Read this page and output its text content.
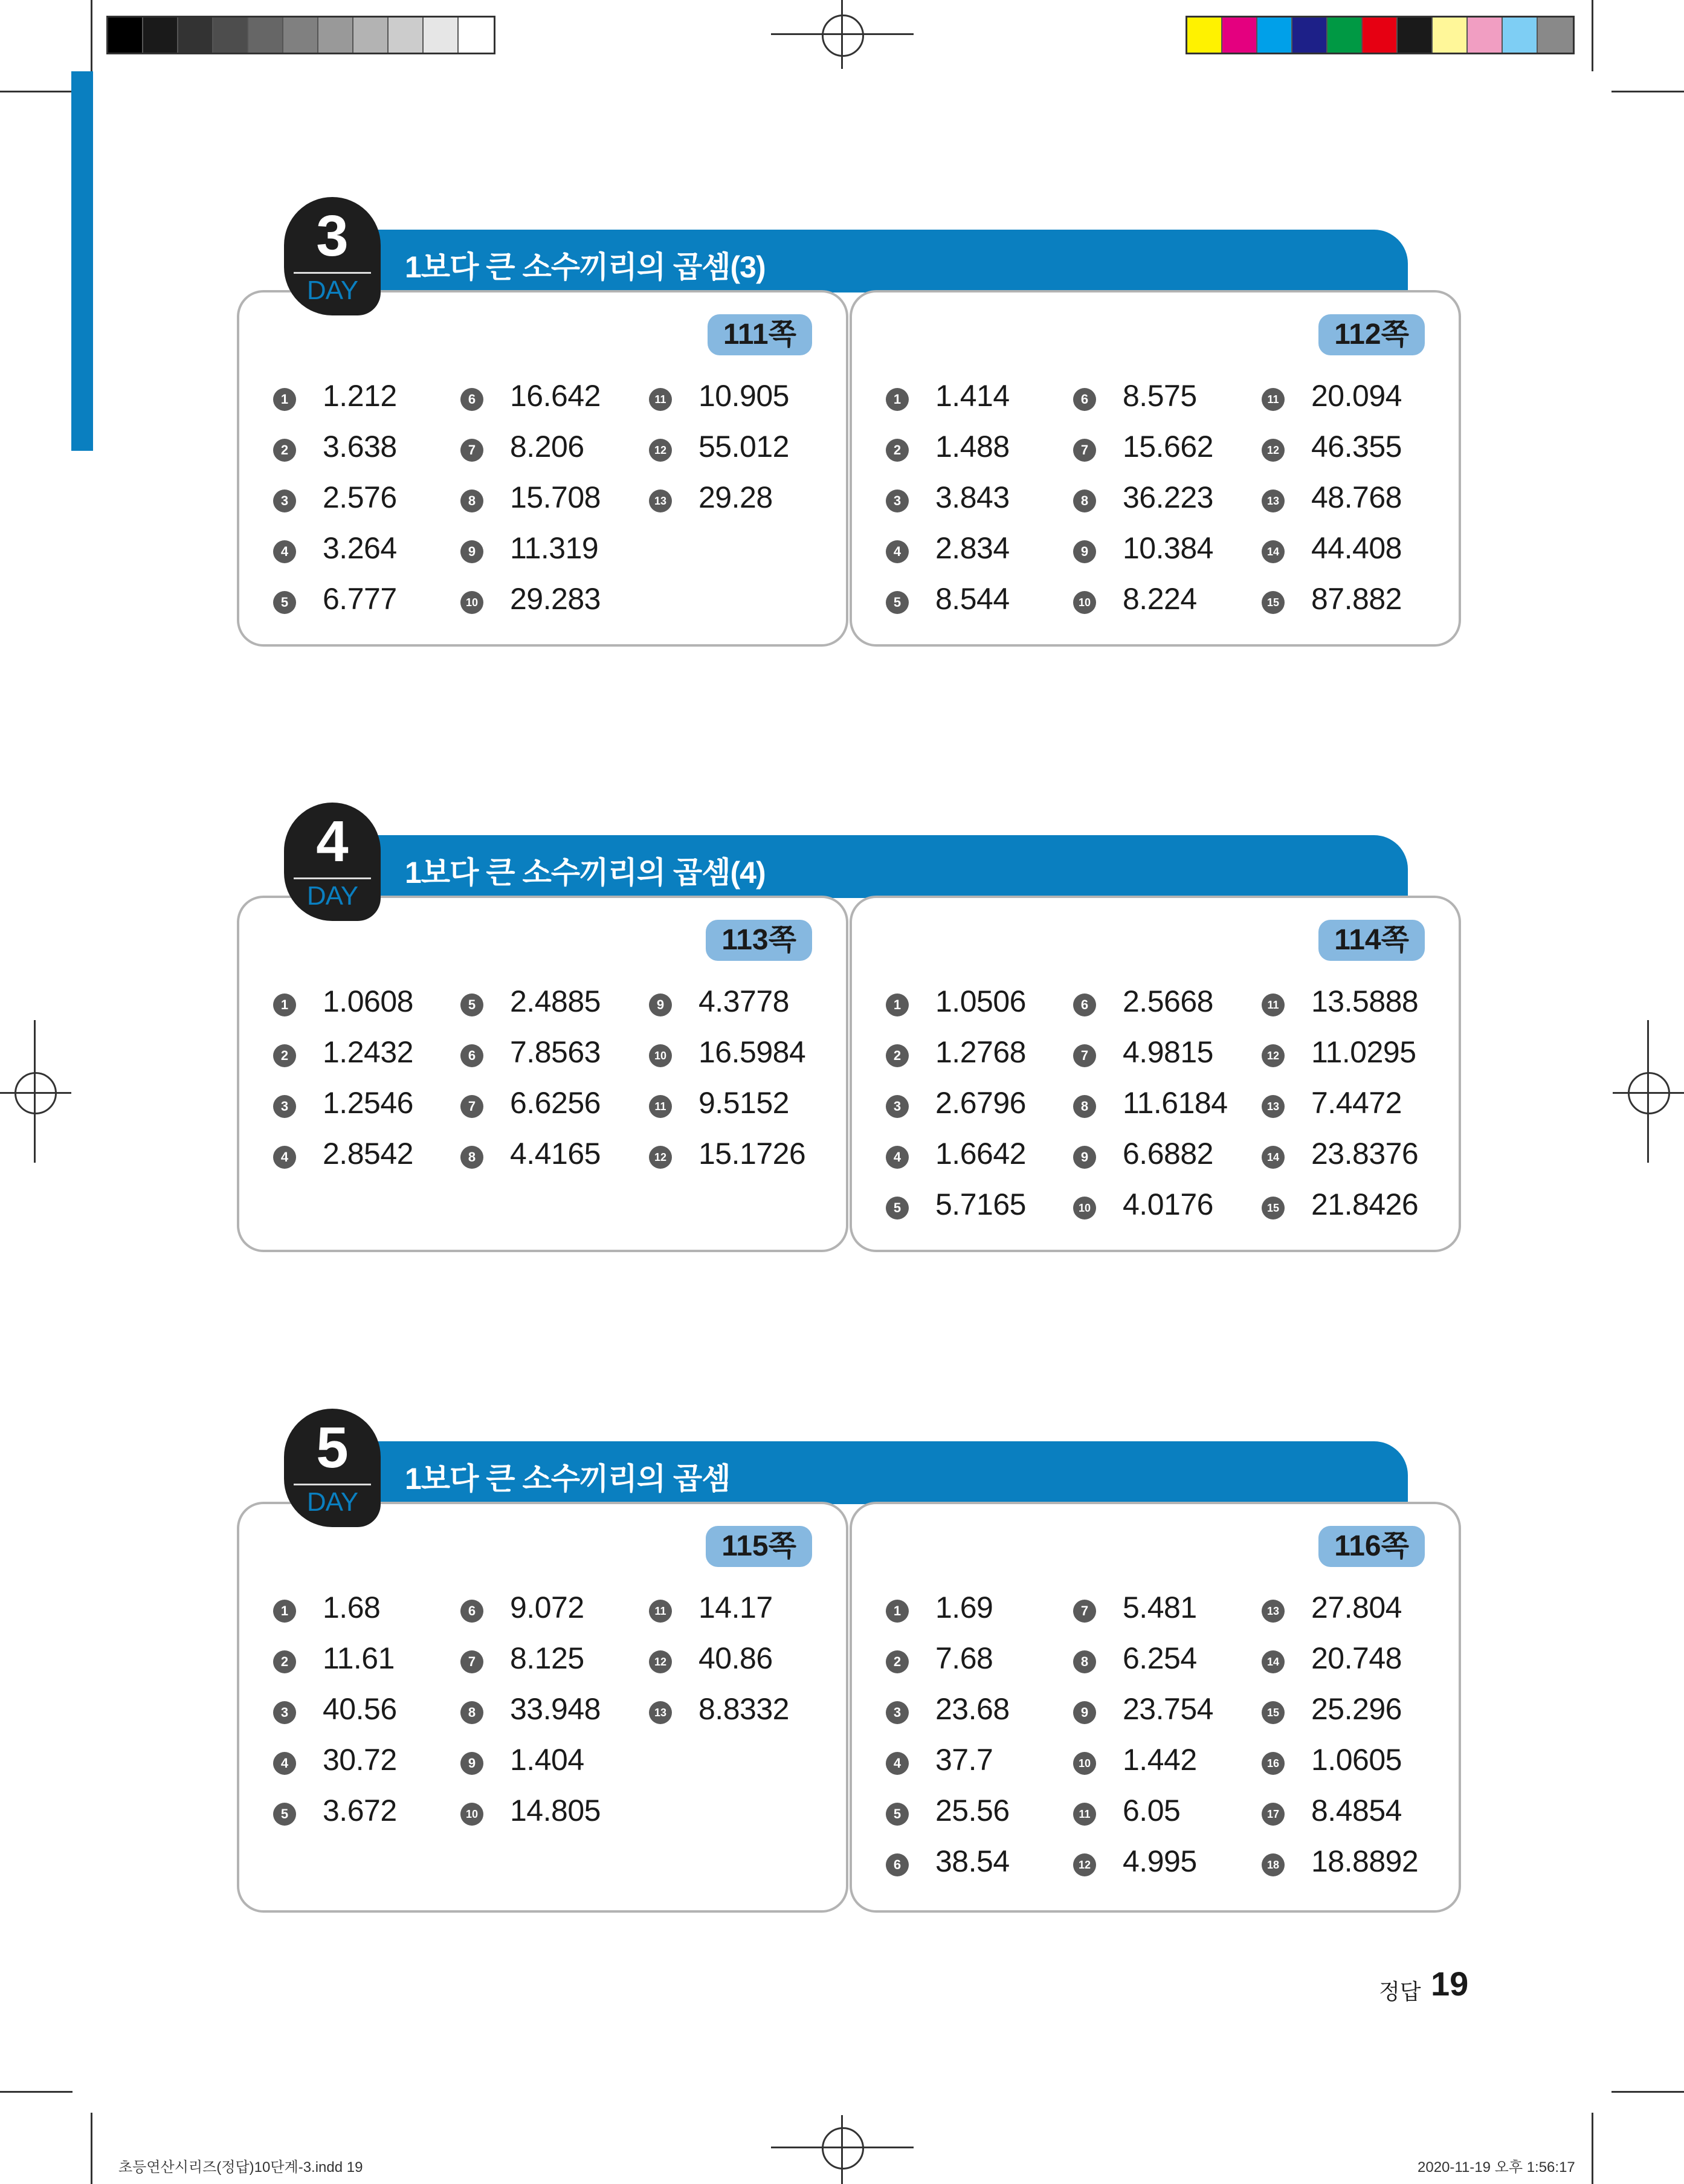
1보다 큰 소수끼리의 곱셈(3)
111쪽
1 1.212
2 3.638
3 2.576
4 3.264
5 6.777
6 16.642
7 8.206
8 15.708
9 11.319
10 29.283
11 10.905
12 55.012
13 29.28
112쪽
1 1.414
2 1.488
3 3.843
4 2.834
5 8.544
6 8.575
7 15.662
8 36.223
9 10.384
10 8.224
11 20.094
12 46.355
13 48.768
14 44.408
15 87.882
3
DAY
1보다 큰 소수끼리의 곱셈(4)
113쪽
1 1.0608
2 1.2432
3 1.2546
4 2.8542
5 2.4885
6 7.8563
7 6.6256
8 4.4165
9 4.3778
10 16.5984
11 9.5152
12 15.1726
114쪽
1 1.0506
2 1.2768
3 2.6796
4 1.6642
5 5.7165
6 2.5668
7 4.9815
8 11.6184
9 6.6882
10 4.0176
11 13.5888
12 11.0295
13 7.4472
14 23.8376
15 21.8426
4
DAY
1보다 큰 소수끼리의 곱셈
115쪽
1 1.68
2 11.61
3 40.56
4 30.72
5 3.672
6 9.072
7 8.125
8 33.948
9 1.404
10 14.805
11 14.17
12 40.86
13 8.8332
116쪽
1 1.69
2 7.68
3 23.68
4 37.7
5 25.56
6 38.54
7 5.481
8 6.254
9 23.754
10 1.442
11 6.05
12 4.995
13 27.804
14 20.748
15 25.296
16 1.0605
17 8.4854
18 18.8892
5
DAY
정답 19
초등연산시리즈(정답)10단계-3.indd 19	2020-11-19 오후 1:56:17
